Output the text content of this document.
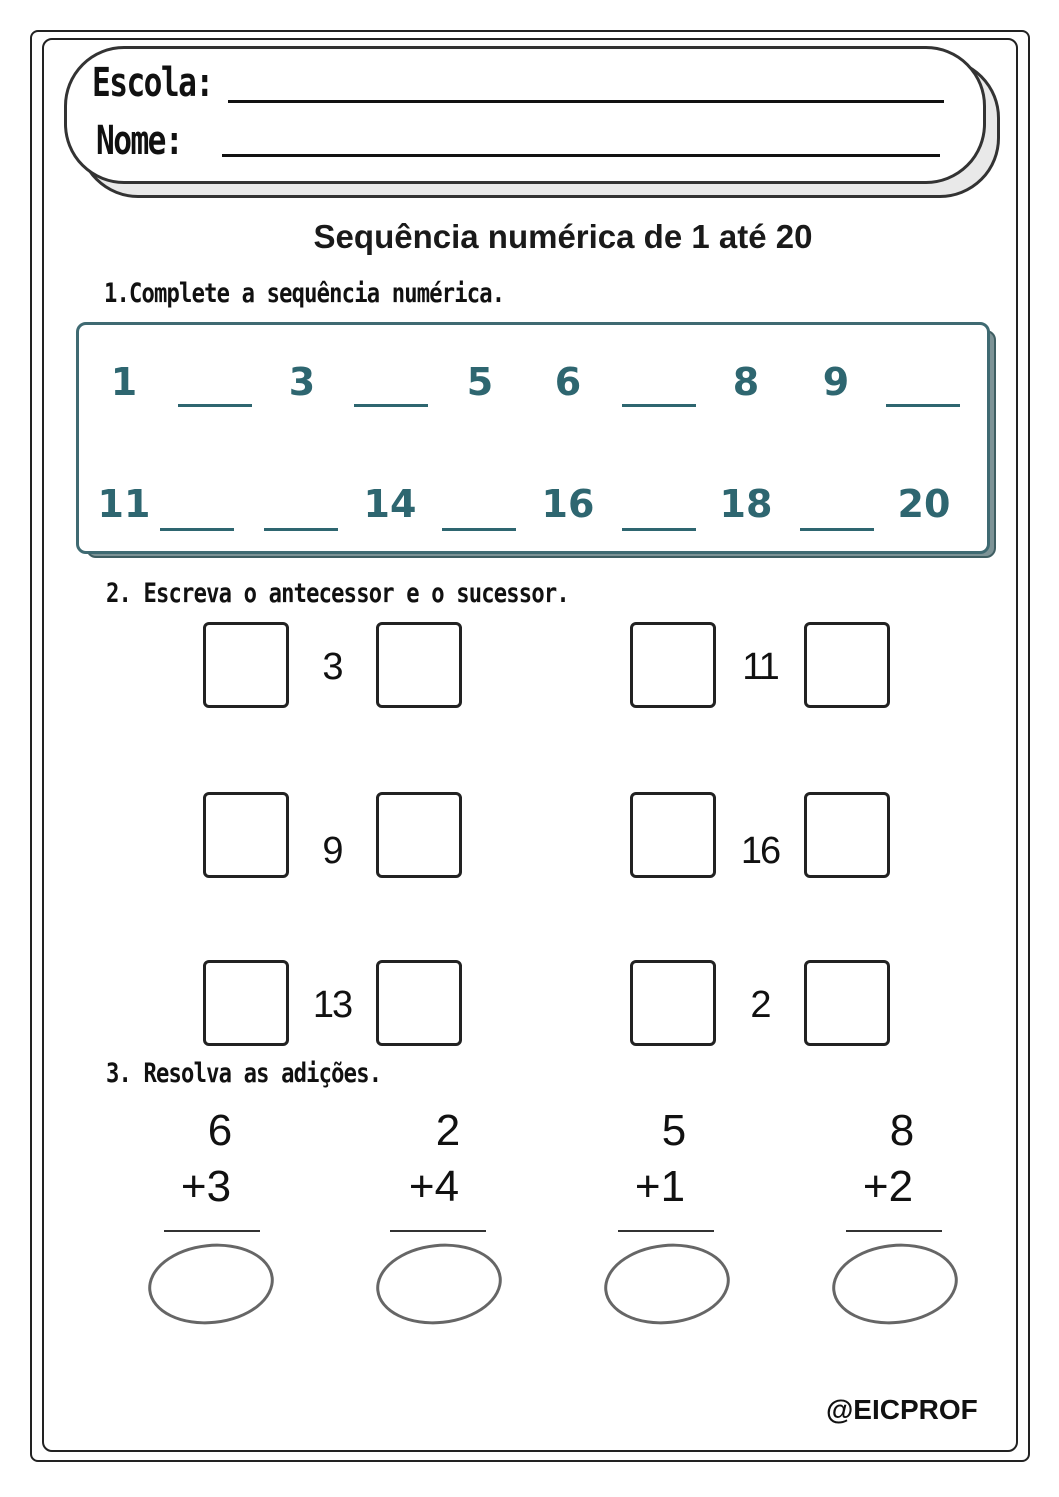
Escola:
Nome:
Sequência numérica de 1 até 20
1.Complete a sequência numérica.
1	3	5	6	8	9
11	14	16	18	20
2. Escreva o antecessor e o sucessor.
3	11
9	16
13	2
3. Resolva as adições.
6
+3
2
+4
5
+1
8
+2
@EICPROF
